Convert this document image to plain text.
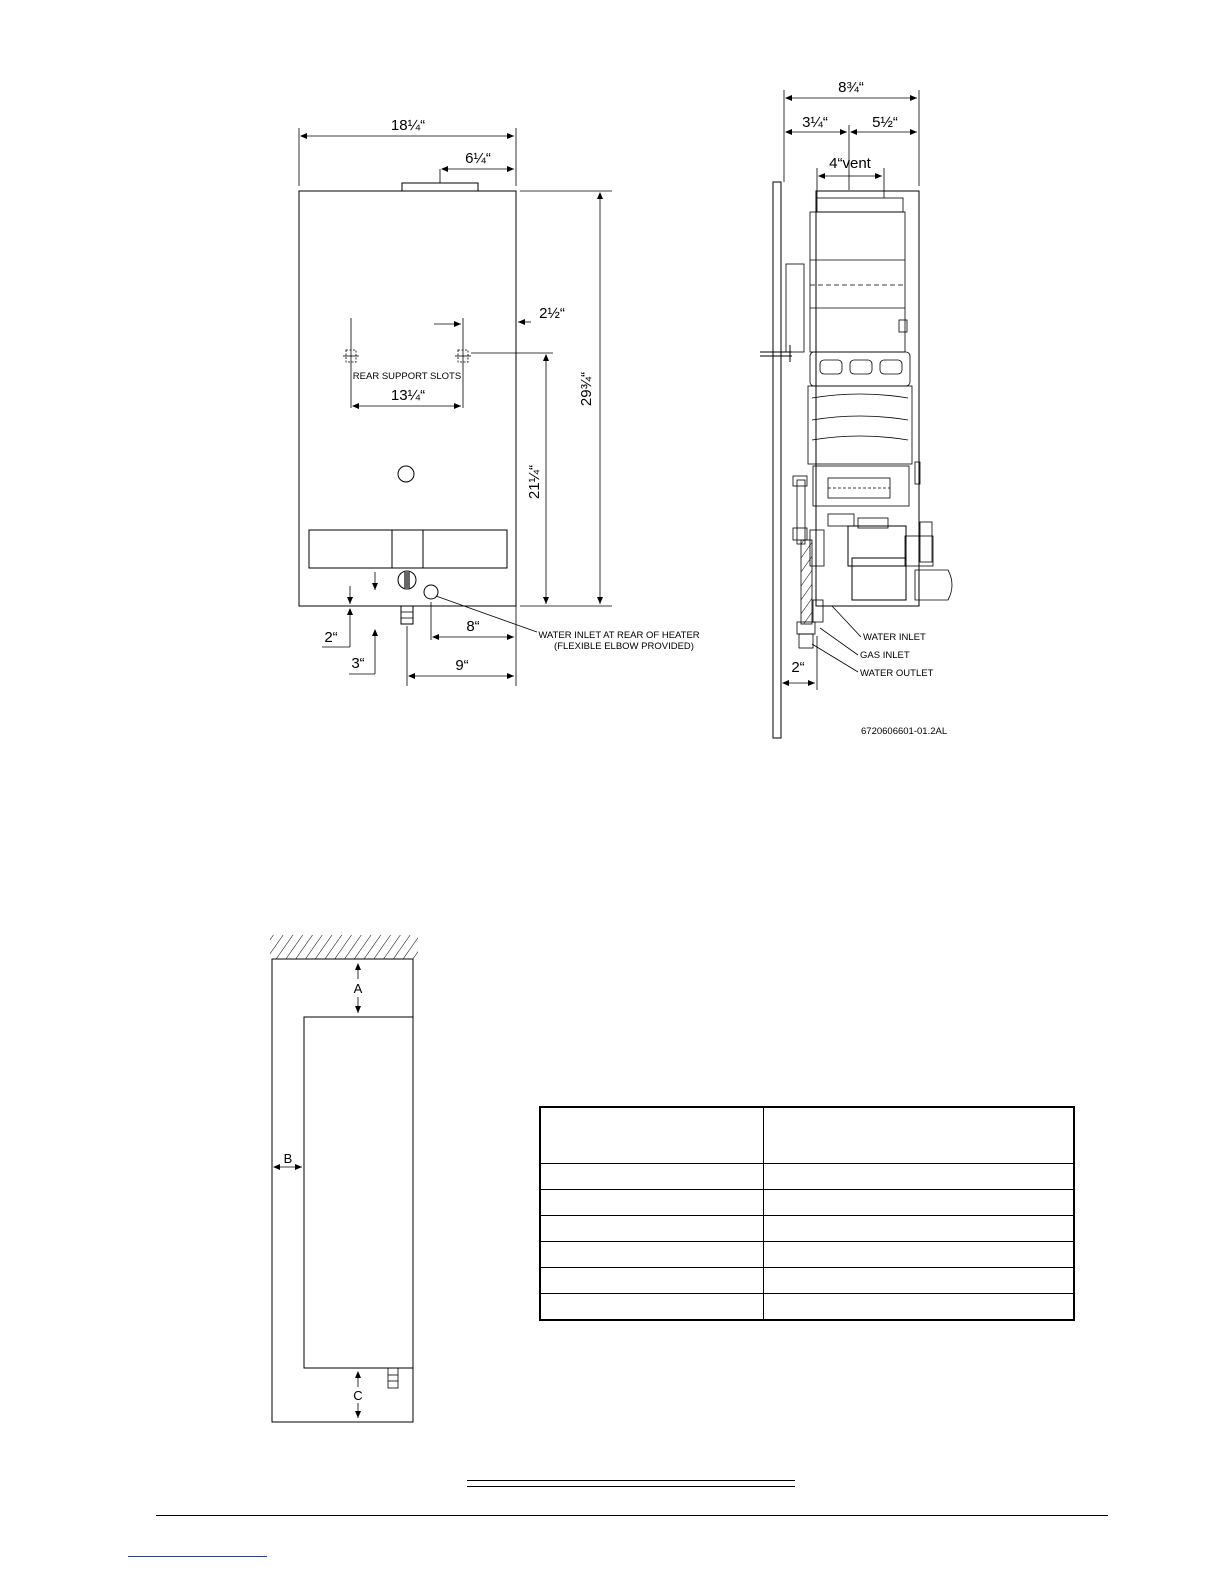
18¼“
6¼“
29¾“
2½“
REAR SUPPORT SLOTS
13¼“
21¼“
2“
3“
8“
9“
WATER INLET AT REAR OF HEATER
(FLEXIBLE ELBOW PROVIDED)
8¾“
3¼“	5½“
4“vent
2“
WATER INLET
GAS INLET
WATER OUTLET
6720606601-01.2AL
A
B
C
